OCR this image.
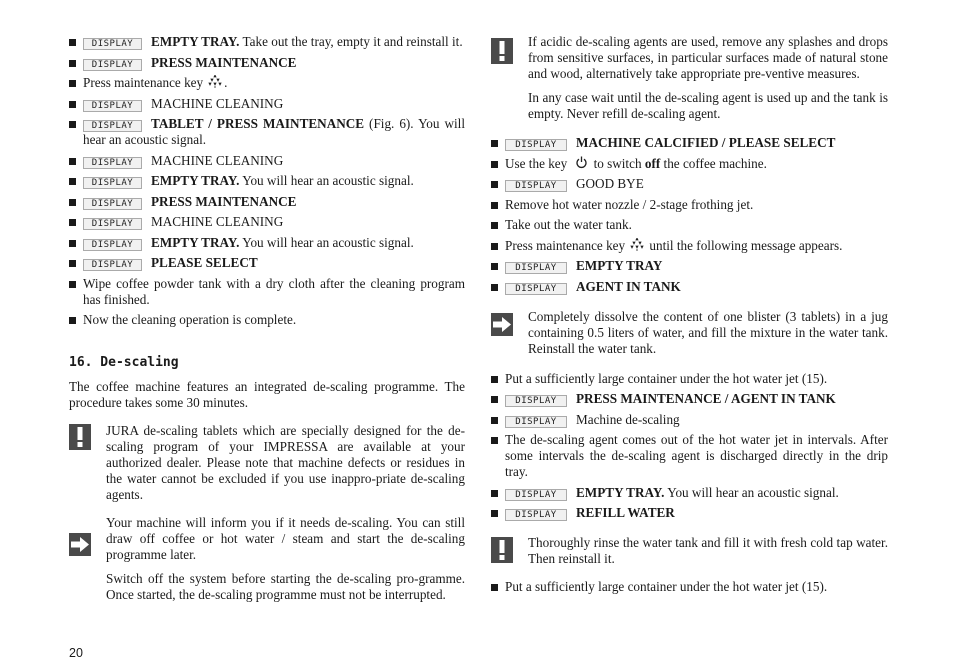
DISPLAY EMPTY TRAY. Take out the tray, empty it and reinstall it.
DISPLAY PRESS MAINTENANCE
Press maintenance key .
DISPLAY MACHINE CLEANING
DISPLAY TABLET / PRESS MAINTENANCE (Fig. 6). You will hear an acoustic signal.
DISPLAY MACHINE CLEANING
DISPLAY EMPTY TRAY. You will hear an acoustic signal.
DISPLAY PRESS MAINTENANCE
DISPLAY MACHINE CLEANING
DISPLAY EMPTY TRAY. You will hear an acoustic signal.
DISPLAY PLEASE SELECT
Wipe coffee powder tank with a dry cloth after the cleaning program has finished.
Now the cleaning operation is complete.
16. De-scaling
The coffee machine features an integrated de-scaling programme. The procedure takes some 30 minutes.

JURA de-scaling tablets which are specially designed for the de-scaling program of your IMPRESSA are available at your authorized dealer. Please note that machine defects or residues in the water cannot be excluded if you use inappro-priate de-scaling agents.

Your machine will inform you if it needs de-scaling. You can still draw off coffee or hot water / steam and start the de-scaling programme later.

Switch off the system before starting the de-scaling pro-gramme. Once started, the de-scaling programme must not be interrupted.

If acidic de-scaling agents are used, remove any splashes and drops from sensitive surfaces, in particular surfaces made of natural stone and wood, alternatively take appropriate pre-ventive measures.

In any case wait until the de-scaling agent is used up and the tank is empty. Never refill de-scaling agent.

DISPLAY MACHINE CALCIFIED / PLEASE SELECT
Use the key to switch off the coffee machine.
DISPLAY GOOD BYE
Remove hot water nozzle / 2-stage frothing jet.
Take out the water tank.
Press maintenance key until the following message appears.
DISPLAY EMPTY TRAY
DISPLAY AGENT IN TANK

Completely dissolve the content of one blister (3 tablets) in a jug containing 0.5 liters of water, and fill the mixture in the water tank. Reinstall the water tank.

Put a sufficiently large container under the hot water jet (15).
DISPLAY PRESS MAINTENANCE / AGENT IN TANK
DISPLAY Machine de-scaling
The de-scaling agent comes out of the hot water jet in intervals. After some intervals the de-scaling agent is discharged directly in the drip tray.
DISPLAY EMPTY TRAY. You will hear an acoustic signal.
DISPLAY REFILL WATER

Thoroughly rinse the water tank and fill it with fresh cold tap water. Then reinstall it.

Put a sufficiently large container under the hot water jet (15).
20
